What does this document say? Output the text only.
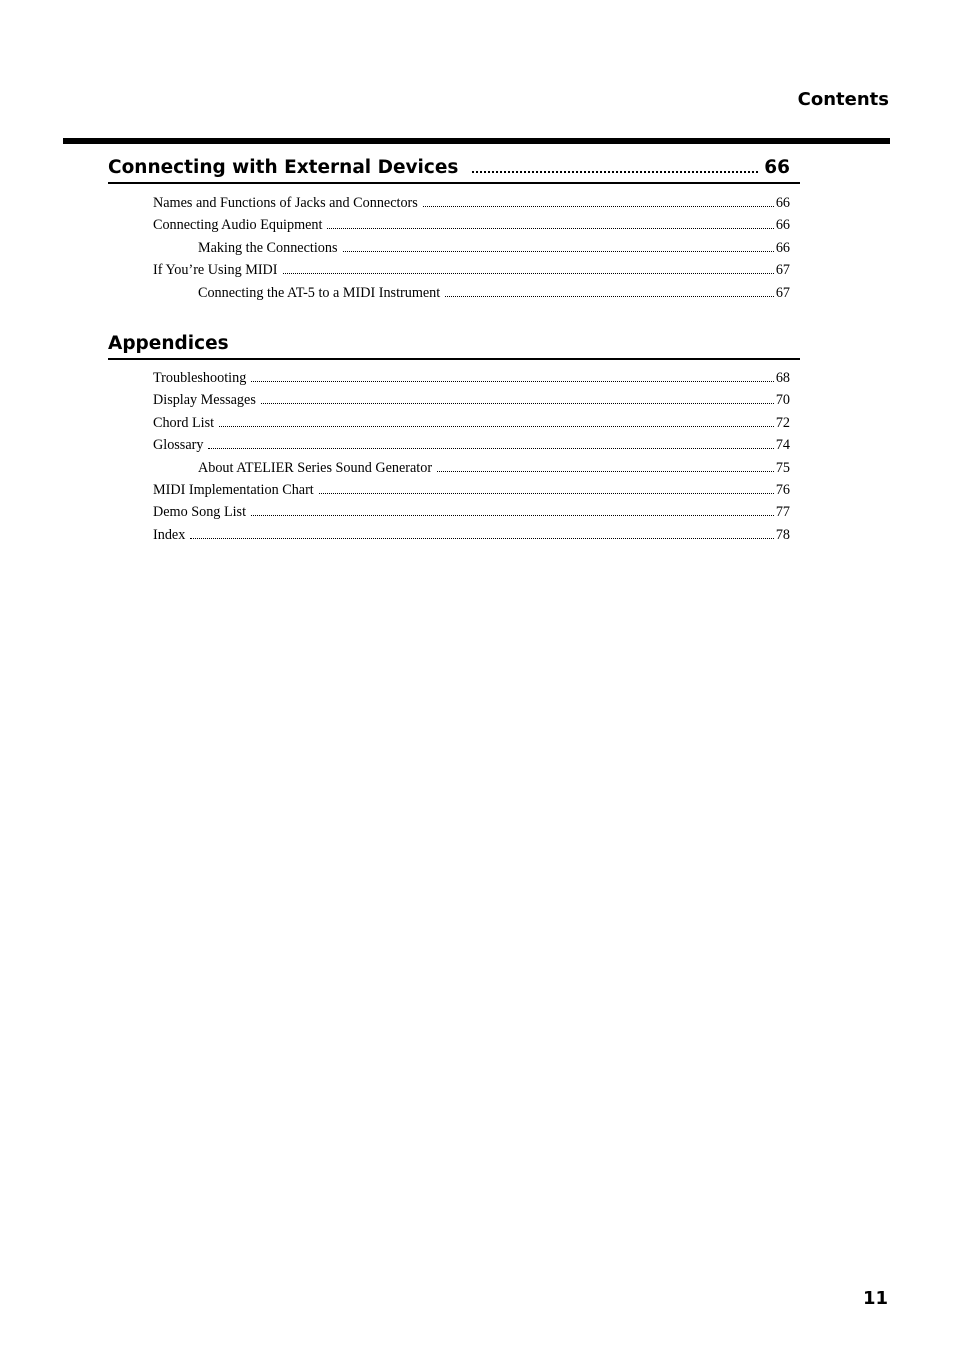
Contents
Connecting with External Devices	66
Names and Functions of Jacks and Connectors	66
Connecting Audio Equipment	66
Making the Connections	66
If You’re Using MIDI	67
Connecting the AT-5 to a MIDI Instrument	67
Appendices
Troubleshooting	68
Display Messages	70
Chord List	72
Glossary	74
About ATELIER Series Sound Generator	75
MIDI Implementation Chart	76
Demo Song List	77
Index	78
11
